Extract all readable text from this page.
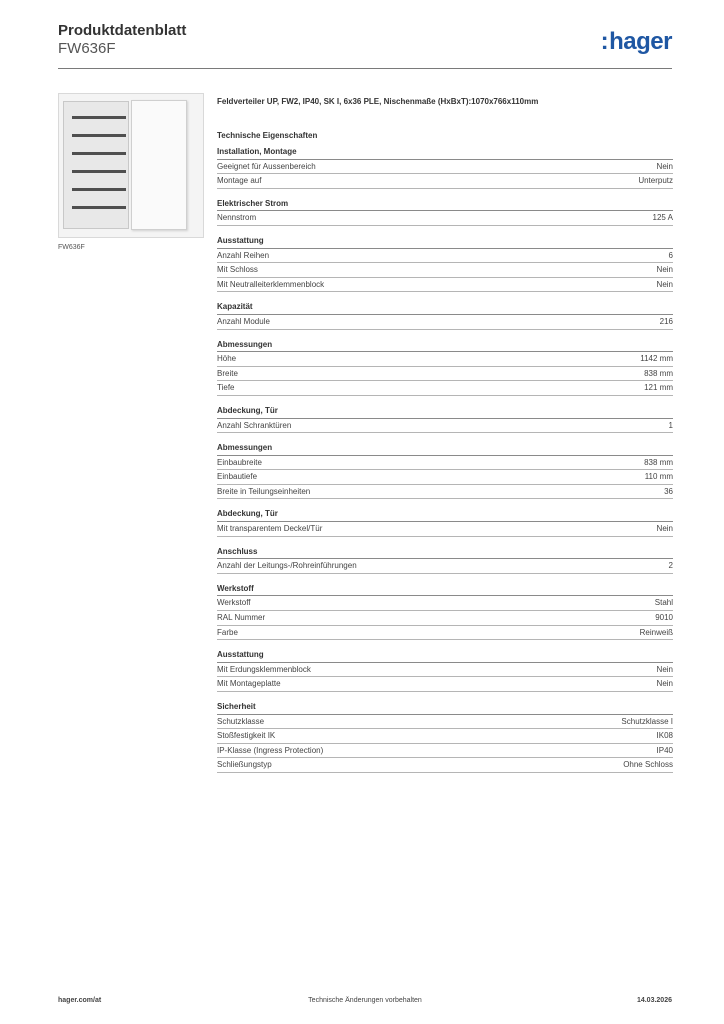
Produktdatenblatt
FW636F	:hager
FW636F
Feldverteiler UP, FW2, IP40, SK I, 6x36 PLE, Nischenmaße (HxBxT):1070x766x110mm
Technische Eigenschaften
Installation, Montage
Geeignet für Aussenbereich	Nein
Montage auf	Unterputz
Elektrischer Strom
Nennstrom	125 A
Ausstattung
Anzahl Reihen	6
Mit Schloss	Nein
Mit Neutralleiterklemmenblock	Nein
Kapazität
Anzahl Module	216
Abmessungen
Höhe	1142 mm
Breite	838 mm
Tiefe	121 mm
Abdeckung, Tür
Anzahl Schranktüren	1
Abmessungen
Einbaubreite	838 mm
Einbautiefe	110 mm
Breite in Teilungseinheiten	36
Abdeckung, Tür
Mit transparentem Deckel/Tür	Nein
Anschluss
Anzahl der Leitungs-/Rohreinführungen	2
Werkstoff
Werkstoff	Stahl
RAL Nummer	9010
Farbe	Reinweiß
Ausstattung
Mit Erdungsklemmenblock	Nein
Mit Montageplatte	Nein
Sicherheit
Schutzklasse	Schutzklasse I
Stoßfestigkeit IK	IK08
IP-Klasse (Ingress Protection)	IP40
Schließungstyp	Ohne Schloss
hager.com/at	Technische Änderungen vorbehalten	14.03.2026
